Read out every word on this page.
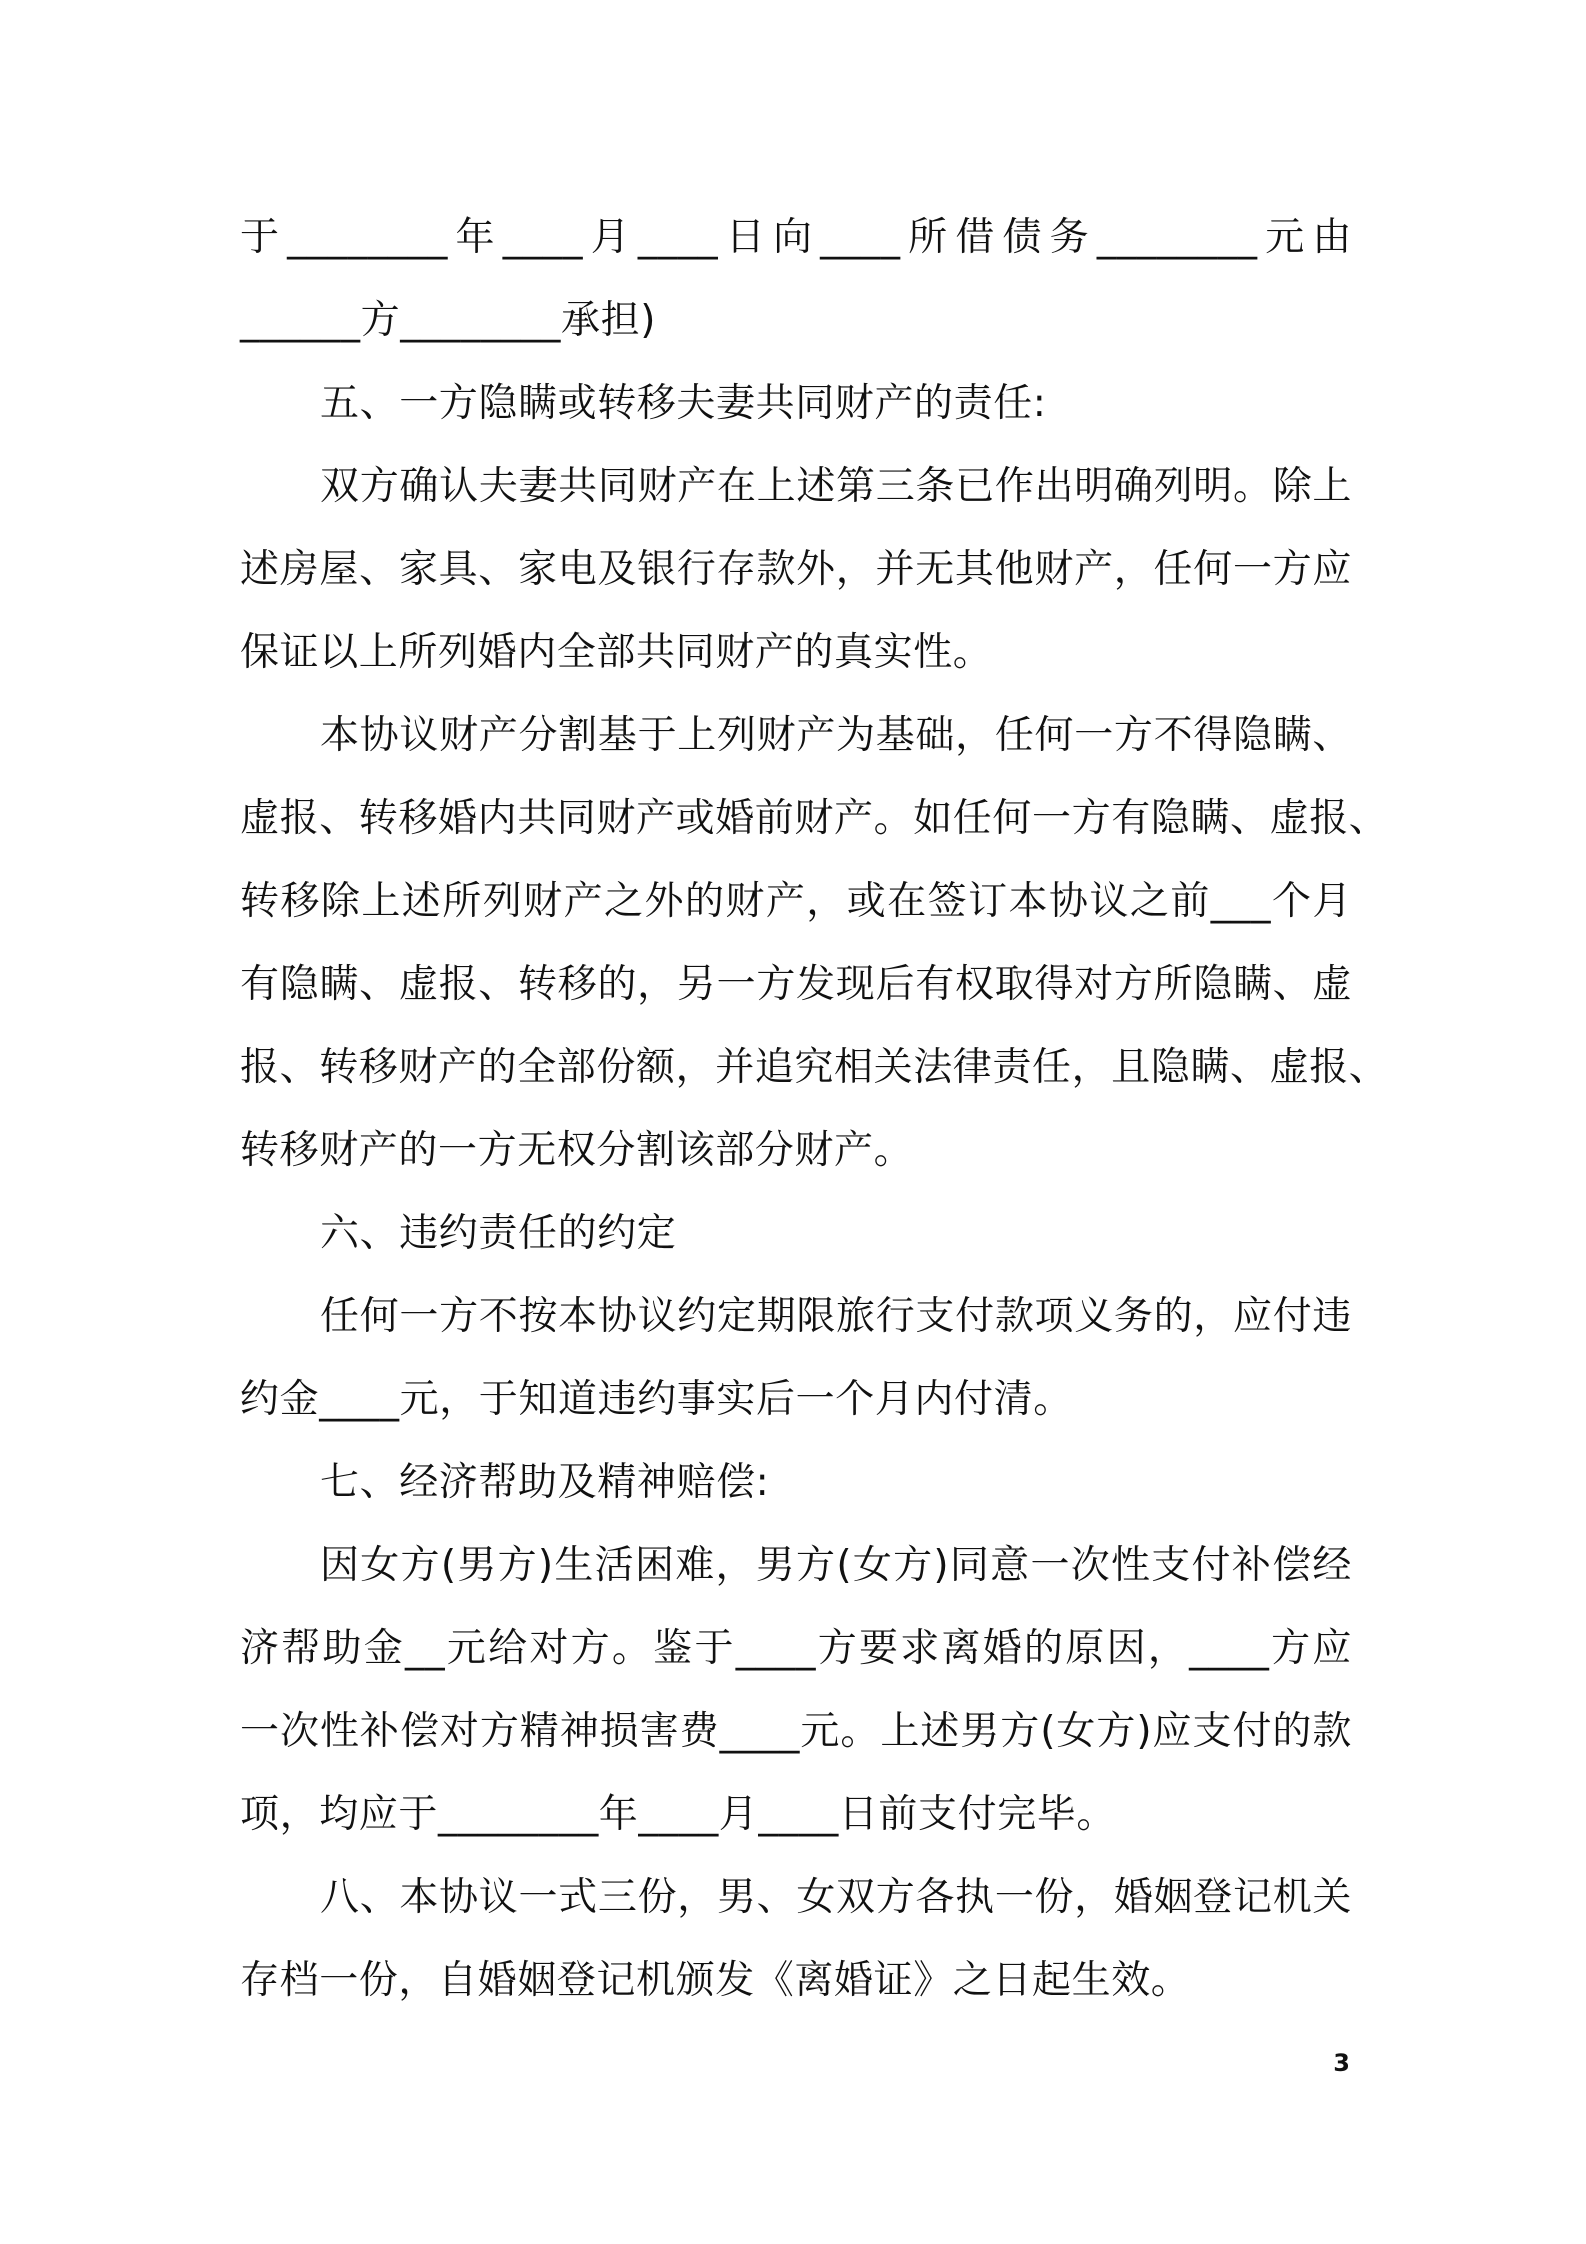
于________年____月____日向____所借债务________元由
______方________承担)
五、一方隐瞒或转移夫妻共同财产的责任:
双方确认夫妻共同财产在上述第三条已作出明确列明。除上
述房屋、家具、家电及银行存款外，并无其他财产，任何一方应
保证以上所列婚内全部共同财产的真实性。
本协议财产分割基于上列财产为基础，任何一方不得隐瞒、
虚报、转移婚内共同财产或婚前财产。如任何一方有隐瞒、虚报、
转移除上述所列财产之外的财产，或在签订本协议之前___个月
有隐瞒、虚报、转移的，另一方发现后有权取得对方所隐瞒、虚
报、转移财产的全部份额，并追究相关法律责任，且隐瞒、虚报、
转移财产的一方无权分割该部分财产。
六、违约责任的约定
任何一方不按本协议约定期限旅行支付款项义务的，应付违
约金____元，于知道违约事实后一个月内付清。
七、经济帮助及精神赔偿:
因女方(男方)生活困难，男方(女方)同意一次性支付补偿经
济帮助金__元给对方。鉴于____方要求离婚的原因，____方应
一次性补偿对方精神损害费____元。上述男方(女方)应支付的款
项，均应于________年____月____日前支付完毕。
八、本协议一式三份，男、女双方各执一份，婚姻登记机关
存档一份，自婚姻登记机颁发《离婚证》之日起生效。
3
